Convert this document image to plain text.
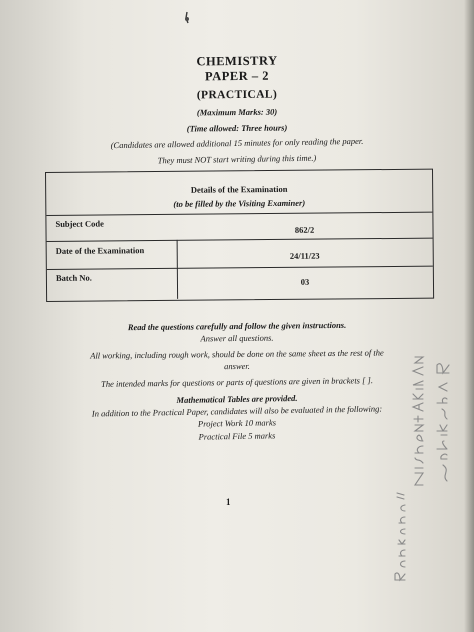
CHEMISTRY
PAPER – 2
(PRACTICAL)
(Maximum Marks: 30)
(Time allowed: Three hours)
(Candidates are allowed additional 15 minutes for only reading the paper.
They must NOT start writing during this time.)
Details of the Examination
(to be filled by the Visiting Examiner)
Subject Code
862/2
Date of the Examination	24/11/23
Batch No.	03
Read the questions carefully and follow the given instructions.
Answer all questions.
All working, including rough work, should be done on the same sheet as the rest of the
answer.
The intended marks for questions or parts of questions are given in brackets [ ].
Mathematical Tables are provided.
In addition to the Practical Paper, candidates will also be evaluated in the following:
Project Work 10 marks
Practical File 5 marks
1
